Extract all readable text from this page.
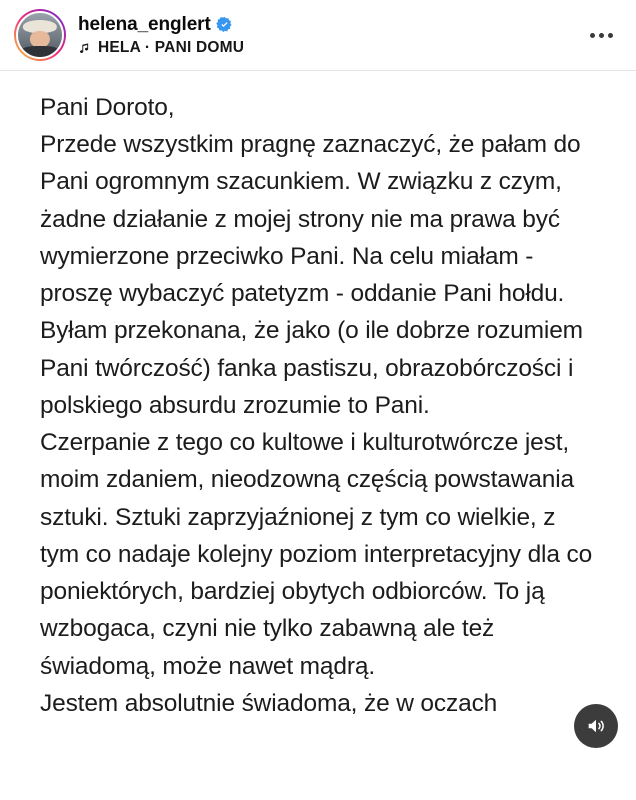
helena_englert
HELA · PANI DOMU

Pani Doroto,

Przede wszystkim pragnę zaznaczyć, że pałam do Pani ogromnym szacunkiem. W związku z czym, żadne działanie z mojej strony nie ma prawa być wymierzone przeciwko Pani. Na celu miałam - proszę wybaczyć patetyzm - oddanie Pani hołdu. Byłam przekonana, że jako (o ile dobrze rozumiem Pani twórczość) fanka pastiszu, obrazobórczości i polskiego absurdu zrozumie to Pani.

Czerpanie z tego co kultowe i kulturotwórcze jest, moim zdaniem, nieodzowną częścią powstawania sztuki. Sztuki zaprzyjaźnionej z tym co wielkie, z tym co nadaje kolejny poziom interpretacyjny dla co poniektórych, bardziej obytych odbiorców. To ją wzbogaca, czyni nie tylko zabawną ale też świadomą, może nawet mądrą.

Jestem absolutnie świadoma, że w oczach
